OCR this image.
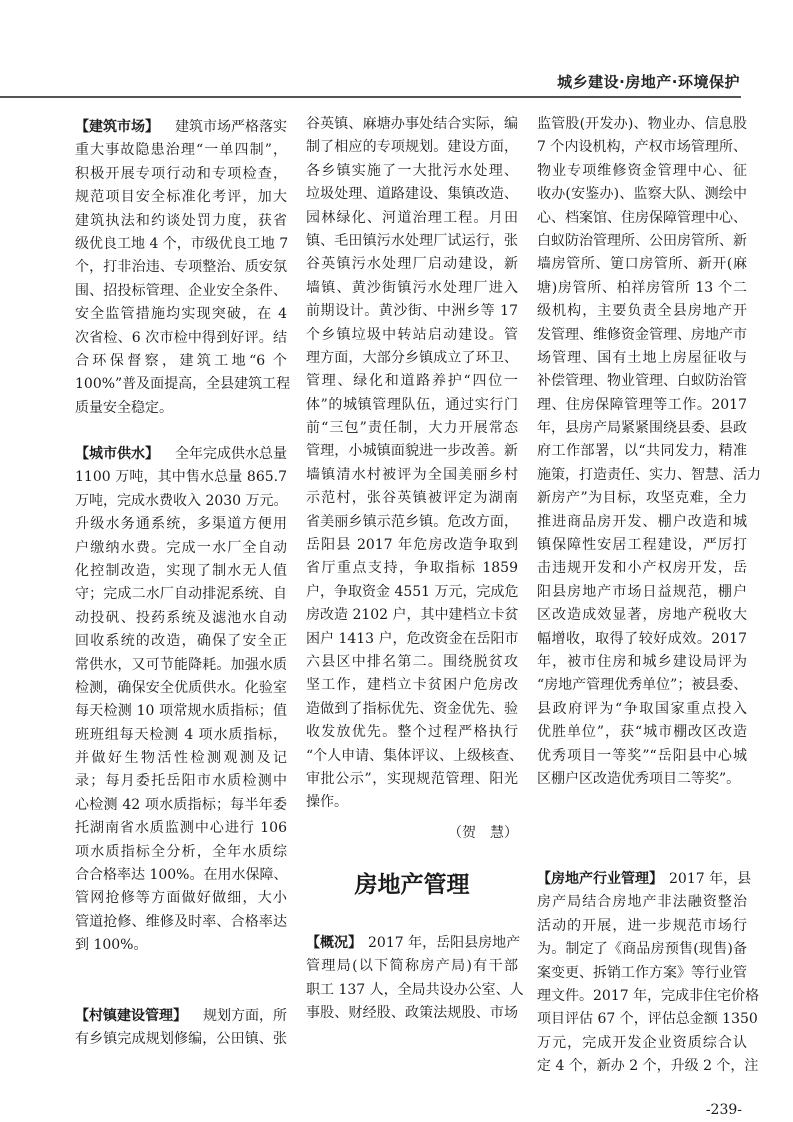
城乡建设·房地产·环境保护
【建筑市场】 建筑市场严格落实
重大事故隐患治理“一单四制”，
积极开展专项行动和专项检查，
规范项目安全标准化考评，加大
建筑执法和约谈处罚力度，获省
级优良工地 4 个，市级优良工地 7
个，打非治违、专项整治、质安氛
围、招投标管理、企业安全条件、
安全监管措施均实现突破，在 4
次省检、6 次市检中得到好评。结
合环保督察，建筑工地“6 个
100%”普及面提高，全县建筑工程
质量安全稳定。
【城市供水】 全年完成供水总量
1100 万吨，其中售水总量 865.7
万吨，完成水费收入 2030 万元。
升级水务通系统，多渠道方便用
户缴纳水费。完成一水厂全自动
化控制改造，实现了制水无人值
守；完成二水厂自动排泥系统、自
动投矾、投药系统及滤池水自动
回收系统的改造，确保了安全正
常供水，又可节能降耗。加强水质
检测，确保安全优质供水。化验室
每天检测 10 项常规水质指标；值
班班组每天检测 4 项水质指标，
并做好生物活性检测观测及记
录；每月委托岳阳市水质检测中
心检测 42 项水质指标；每半年委
托湖南省水质监测中心进行 106
项水质指标全分析，全年水质综
合合格率达 100%。在用水保障、
管网抢修等方面做好做细，大小
管道抢修、维修及时率、合格率达
到 100%。
【村镇建设管理】 规划方面，所
有乡镇完成规划修编，公田镇、张
（贺　慧）
房地产管理
谷英镇、麻塘办事处结合实际，编
制了相应的专项规划。建设方面，
各乡镇实施了一大批污水处理、
垃圾处理、道路建设、集镇改造、
园林绿化、河道治理工程。月田
镇、毛田镇污水处理厂试运行，张
谷英镇污水处理厂启动建设，新
墙镇、黄沙街镇污水处理厂进入
前期设计。黄沙街、中洲乡等 17
个乡镇垃圾中转站启动建设。管
理方面，大部分乡镇成立了环卫、
管理、绿化和道路养护“四位一
体”的城镇管理队伍，通过实行门
前“三包”责任制，大力开展常态
管理，小城镇面貌进一步改善。新
墙镇清水村被评为全国美丽乡村
示范村，张谷英镇被评定为湖南
省美丽乡镇示范乡镇。危改方面，
岳阳县 2017 年危房改造争取到
省厅重点支持，争取指标 1859
户，争取资金 4551 万元，完成危
房改造 2102 户，其中建档立卡贫
困户 1413 户，危改资金在岳阳市
六县区中排名第二。围绕脱贫攻
坚工作，建档立卡贫困户危房改
造做到了指标优先、资金优先、验
收发放优先。整个过程严格执行
“个人申请、集体评议、上级核查、
审批公示”，实现规范管理、阳光
操作。
【概况】 2017 年，岳阳县房地产
管理局(以下简称房产局)有干部
职工 137 人，全局共设办公室、人
事股、财经股、政策法规股、市场
监管股(开发办)、物业办、信息股
7 个内设机构，产权市场管理所、
物业专项维修资金管理中心、征
收办(安鉴办)、监察大队、测绘中
心、档案馆、住房保障管理中心、
白蚁防治管理所、公田房管所、新
墙房管所、筻口房管所、新开(麻
塘)房管所、柏祥房管所 13 个二
级机构，主要负责全县房地产开
发管理、维修资金管理、房地产市
场管理、国有土地上房屋征收与
补偿管理、物业管理、白蚁防治管
理、住房保障管理等工作。2017
年，县房产局紧紧围绕县委、县政
府工作部署，以“共同发力，精准
施策，打造责任、实力、智慧、活力
新房产”为目标，攻坚克难，全力
推进商品房开发、棚户改造和城
镇保障性安居工程建设，严厉打
击违规开发和小产权房开发，岳
阳县房地产市场日益规范，棚户
区改造成效显著，房地产税收大
幅增收，取得了较好成效。2017
年，被市住房和城乡建设局评为
“房地产管理优秀单位”；被县委、
县政府评为“争取国家重点投入
优胜单位”，获“城市棚改区改造
优秀项目一等奖”“岳阳县中心城
区棚户区改造优秀项目二等奖”。
【房地产行业管理】 2017 年，县
房产局结合房地产非法融资整治
活动的开展，进一步规范市场行
为。制定了《商品房预售(现售)备
案变更、拆销工作方案》等行业管
理文件。2017 年，完成非住宅价格
项目评估 67 个，评估总金额 1350
万元，完成开发企业资质综合认
定 4 个，新办 2 个，升级 2 个，注
-239-
